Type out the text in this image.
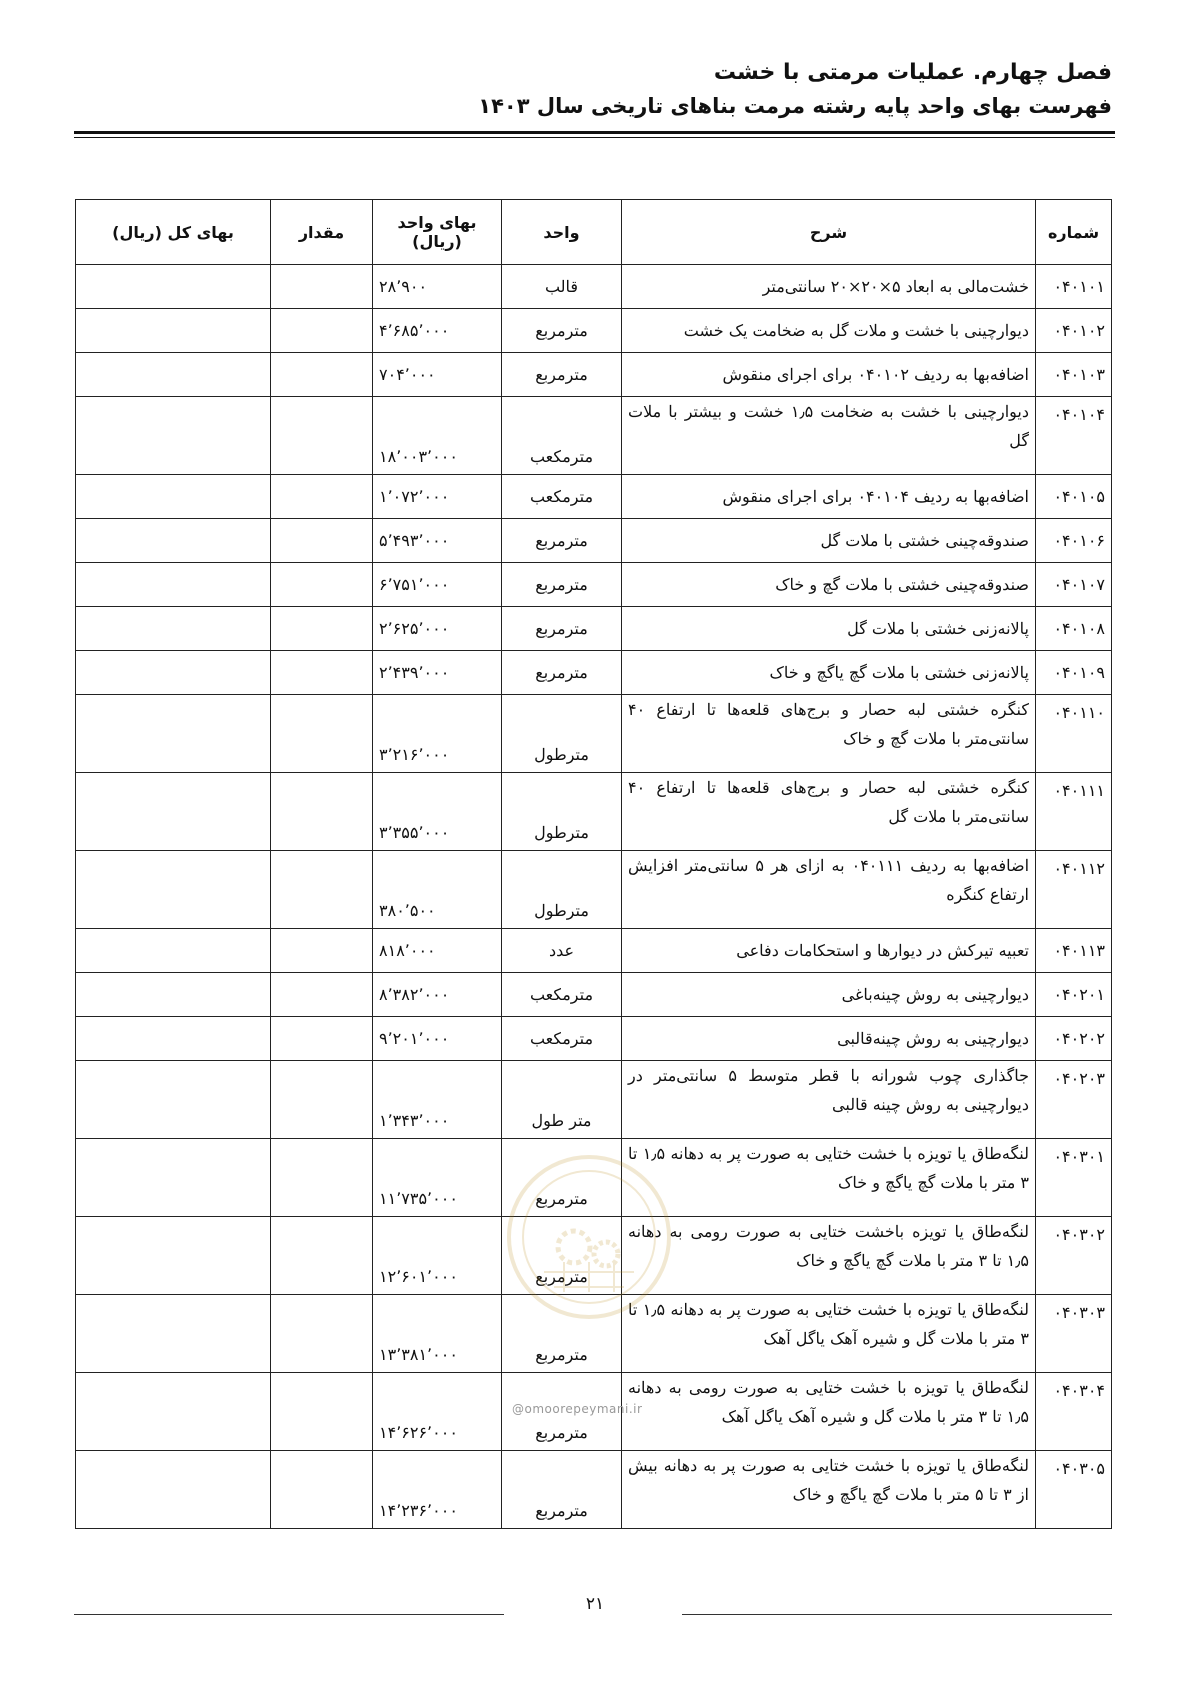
فصل چهارم. عملیات مرمتی با خشت
فهرست بهای واحد پایه رشته مرمت بناهای تاریخی سال ۱۴۰۳
شماره	شرح	واحد	بهای واحد (ریال)	مقدار	بهای کل (ریال)
۰۴۰۱۰۱	خشت‌مالی به ابعاد ۵×۲۰×۲۰ سانتی‌متر	قالب	۲۸٬۹۰۰		
۰۴۰۱۰۲	دیوارچینی با خشت و ملات گل به ضخامت یک خشت	مترمربع	۴٬۶۸۵٬۰۰۰		
۰۴۰۱۰۳	اضافه‌بها به ردیف ۰۴۰۱۰۲ برای اجرای منقوش	مترمربع	۷۰۴٬۰۰۰		
۰۴۰۱۰۴	دیوارچینی با خشت به ضخامت ۱٫۵ خشت و بیشتر با ملات گل	مترمکعب	۱۸٬۰۰۳٬۰۰۰		
۰۴۰۱۰۵	اضافه‌بها به ردیف ۰۴۰۱۰۴ برای اجرای منقوش	مترمکعب	۱٬۰۷۲٬۰۰۰		
۰۴۰۱۰۶	صندوقه‌چینی خشتی با ملات گل	مترمربع	۵٬۴۹۳٬۰۰۰		
۰۴۰۱۰۷	صندوقه‌چینی خشتی با ملات گچ و خاک	مترمربع	۶٬۷۵۱٬۰۰۰		
۰۴۰۱۰۸	پالانه‌زنی خشتی با ملات گل	مترمربع	۲٬۶۲۵٬۰۰۰		
۰۴۰۱۰۹	پالانه‌زنی خشتی با ملات گچ یاگچ و خاک	مترمربع	۲٬۴۳۹٬۰۰۰		
۰۴۰۱۱۰	کنگره خشتی لبه حصار و برج‌های قلعه‌ها تا ارتفاع ۴۰ سانتی‌متر با ملات گچ و خاک	مترطول	۳٬۲۱۶٬۰۰۰		
۰۴۰۱۱۱	کنگره خشتی لبه حصار و برج‌های قلعه‌ها تا ارتفاع ۴۰ سانتی‌متر با ملات گل	مترطول	۳٬۳۵۵٬۰۰۰		
۰۴۰۱۱۲	اضافه‌بها به ردیف ۰۴۰۱۱۱ به ازای هر ۵ سانتی‌متر افزایش ارتفاع کنگره	مترطول	۳۸۰٬۵۰۰		
۰۴۰۱۱۳	تعبیه تیرکش در دیوارها و استحکامات دفاعی	عدد	۸۱۸٬۰۰۰		
۰۴۰۲۰۱	دیوارچینی به روش چینه‌باغی	مترمکعب	۸٬۳۸۲٬۰۰۰		
۰۴۰۲۰۲	دیوارچینی به روش چینه‌قالبی	مترمکعب	۹٬۲۰۱٬۰۰۰		
۰۴۰۲۰۳	جاگذاری چوب شورانه با قطر متوسط ۵ سانتی‌متر در دیوارچینی به روش چینه قالبی	متر طول	۱٬۳۴۳٬۰۰۰		
۰۴۰۳۰۱	لنگه‌طاق یا تویزه با خشت ختایی به صورت پر به دهانه ۱٫۵ تا ۳ متر با ملات گچ یاگچ و خاک	مترمربع	۱۱٬۷۳۵٬۰۰۰		
۰۴۰۳۰۲	لنگه‌طاق یا تویزه باخشت ختایی به صورت رومی به دهانه ۱٫۵ تا ۳ متر با ملات گچ یاگچ و خاک	مترمربع	۱۲٬۶۰۱٬۰۰۰		
۰۴۰۳۰۳	لنگه‌طاق یا تویزه با خشت ختایی به صورت پر به دهانه ۱٫۵ تا ۳ متر با ملات گل و شیره آهک یاگل آهک	مترمربع	۱۳٬۳۸۱٬۰۰۰		
۰۴۰۳۰۴	لنگه‌طاق یا تویزه با خشت ختایی به صورت رومی به دهانه ۱٫۵ تا ۳ متر با ملات گل و شیره آهک یاگل آهک	مترمربع	۱۴٬۶۲۶٬۰۰۰		
۰۴۰۳۰۵	لنگه‌طاق یا تویزه با خشت ختایی به صورت پر به دهانه بیش از ۳ تا ۵ متر با ملات گچ یاگچ و خاک	مترمربع	۱۴٬۲۳۶٬۰۰۰		
@omoorepeymani.ir
۲۱
